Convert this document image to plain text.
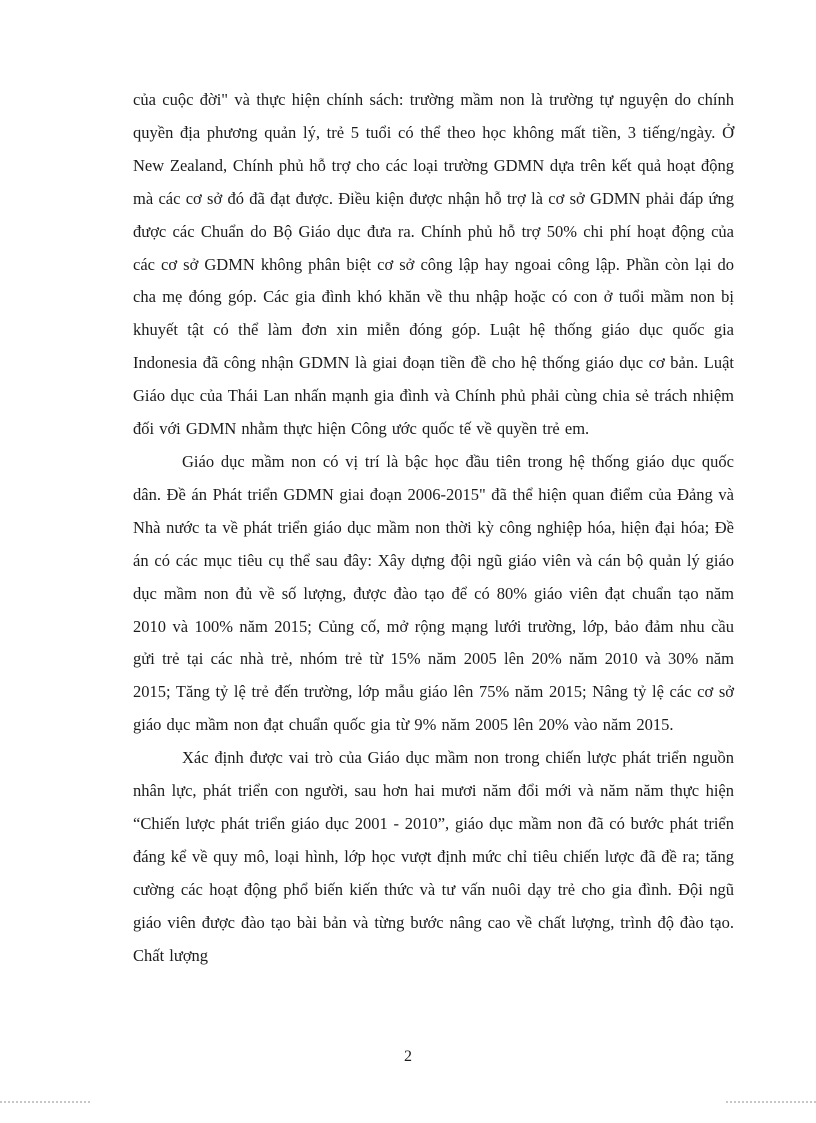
của cuộc đời" và thực hiện chính sách: trường mầm non là trường tự nguyện do chính quyền địa phương quản lý, trẻ 5 tuổi có thể theo học không mất tiền, 3 tiếng/ngày. Ở New Zealand, Chính phủ hỗ trợ cho các loại trường GDMN dựa trên kết quả hoạt động mà các cơ sở đó đã đạt được. Điều kiện được nhận hỗ trợ là cơ sở GDMN phải đáp ứng được các Chuẩn do Bộ Giáo dục đưa ra. Chính phủ hỗ trợ 50% chi phí hoạt động của các cơ sở GDMN không phân biệt cơ sở công lập hay ngoai công lập. Phần còn lại do cha mẹ đóng góp. Các gia đình khó khăn về thu nhập hoặc có con ở tuổi mầm non bị khuyết tật có thể làm đơn xin miễn đóng góp. Luật hệ thống giáo dục quốc gia Indonesia đã công nhận GDMN là giai đoạn tiền đề cho hệ thống giáo dục cơ bản. Luật Giáo dục của Thái Lan nhấn mạnh gia đình và Chính phủ phải cùng chia sẻ trách nhiệm đối với GDMN nhằm thực hiện Công ước quốc tế về quyền trẻ em.

Giáo dục mầm non có vị trí là bậc học đầu tiên trong hệ thống giáo dục quốc dân. Đề án Phát triển GDMN giai đoạn 2006-2015" đã thể hiện quan điểm của Đảng và Nhà nước ta về phát triển giáo dục mầm non thời kỳ công nghiệp hóa, hiện đại hóa; Đề án có các mục tiêu cụ thể sau đây: Xây dựng đội ngũ giáo viên và cán bộ quản lý giáo dục mầm non đủ về số lượng, được đào tạo để có 80% giáo viên đạt chuẩn tạo năm 2010 và 100% năm 2015; Củng cố, mở rộng mạng lưới trường, lớp, bảo đảm nhu cầu gửi trẻ tại các nhà trẻ, nhóm trẻ từ 15% năm 2005 lên 20% năm 2010 và 30% năm 2015; Tăng tỷ lệ trẻ đến trường, lớp mẫu giáo lên 75% năm 2015; Nâng tỷ lệ các cơ sở giáo dục mầm non đạt chuẩn quốc gia từ 9% năm 2005 lên 20% vào năm 2015.

Xác định được vai trò của Giáo dục mầm non trong chiến lược phát triển nguồn nhân lực, phát triển con người, sau hơn hai mươi năm đổi mới và năm năm thực hiện “Chiến lược phát triển giáo dục 2001 - 2010”, giáo dục mầm non đã có bước phát triển đáng kể về quy mô, loại hình, lớp học vượt định mức chỉ tiêu chiến lược đã đề ra; tăng cường các hoạt động phổ biến kiến thức và tư vấn nuôi dạy trẻ cho gia đình. Đội ngũ giáo viên được đào tạo bài bản và từng bước nâng cao về chất lượng, trình độ đào tạo. Chất lượng

2
